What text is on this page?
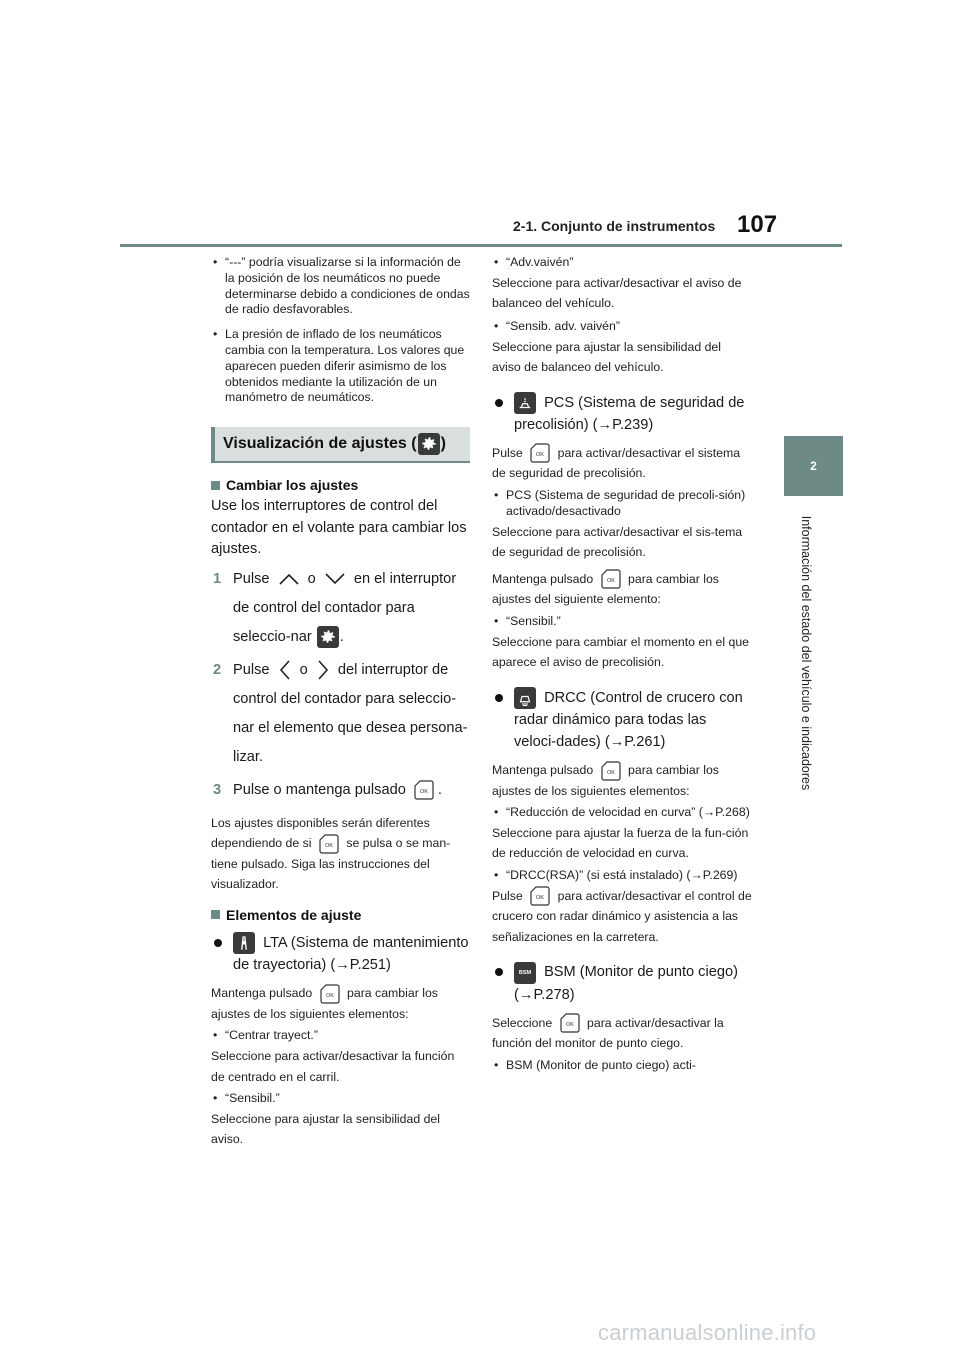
2-1. Conjunto de instrumentos 107
2
Información del estado del vehículo e indicadores
• “---” podría visualizarse si la información de la posición de los neumáticos no puede determinarse debido a condiciones de ondas de radio desfavorables.
• La presión de inflado de los neumáticos cambia con la temperatura. Los valores que aparecen pueden diferir asimismo de los obtenidos mediante la utilización de un manómetro de neumáticos.
Visualización de ajustes ( )
Cambiar los ajustes
Use los interruptores de control del contador en el volante para cambiar los ajustes.
1 Pulse	o	en el interruptor de control del contador para seleccio-nar .
2 Pulse o del interruptor de control del contador para seleccio-nar el elemento que desea persona-lizar.
3 Pulse o mantenga pulsado	OK .
Los ajustes disponibles serán diferentes dependiendo de si OK se pulsa o se man-tiene pulsado. Siga las instrucciones del visualizador.
Elementos de ajuste
LTA (Sistema de mantenimiento de trayectoria) (→P.251)
Mantenga pulsado OK para cambiar los ajustes de los siguientes elementos:
• “Centrar trayect.”
Seleccione para activar/desactivar la función de centrado en el carril.
• “Sensibil.”
Seleccione para ajustar la sensibilidad del aviso.
• “Adv.vaivén”
Seleccione para activar/desactivar el aviso de balanceo del vehículo.
• “Sensib. adv. vaivén”
Seleccione para ajustar la sensibilidad del aviso de balanceo del vehículo.
PCS (Sistema de seguridad de precolisión) (→P.239)
Pulse OK para activar/desactivar el sistema de seguridad de precolisión.
• PCS (Sistema de seguridad de precoli-sión) activado/desactivado
Seleccione para activar/desactivar el sis-tema de seguridad de precolisión.
Mantenga pulsado OK para cambiar los ajustes del siguiente elemento:
• “Sensibil.”
Seleccione para cambiar el momento en el que aparece el aviso de precolisión.
DRCC (Control de crucero con radar dinámico para todas las veloci-dades) (→P.261)
Mantenga pulsado OK para cambiar los ajustes de los siguientes elementos:
• “Reducción de velocidad en curva” (→P.268)
Seleccione para ajustar la fuerza de la fun-ción de reducción de velocidad en curva.
• “DRCC(RSA)” (si está instalado) (→P.269)
Pulse OK para activar/desactivar el control de crucero con radar dinámico y asistencia a las señalizaciones en la carretera.
BSM BSM (Monitor de punto ciego) (→P.278)
Seleccione OK para activar/desactivar la función del monitor de punto ciego.
• BSM (Monitor de punto ciego) acti-
carmanualsonline.info
